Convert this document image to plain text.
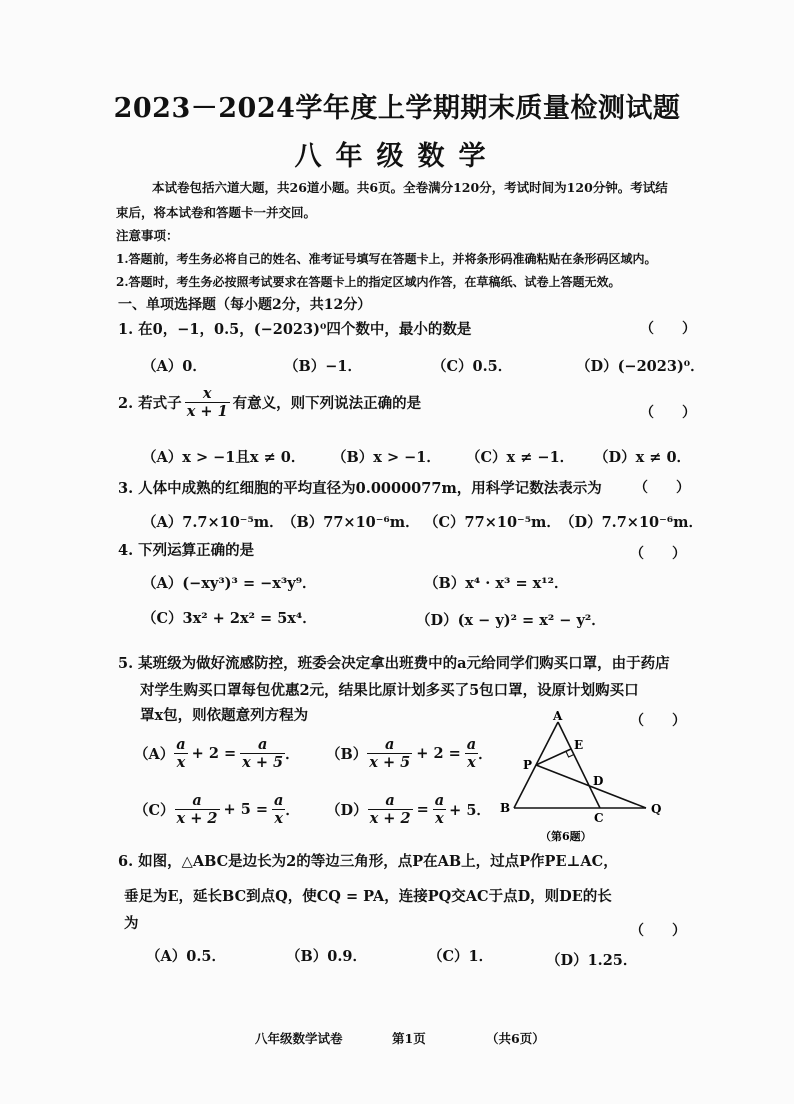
2023－2024学年度上学期期末质量检测试题
八年级数学
本试卷包括六道大题，共26道小题。共6页。全卷满分120分，考试时间为120分钟。考试结
束后，将本试卷和答题卡一并交回。
注意事项：
1.答题前，考生务必将自己的姓名、准考证号填写在答题卡上，并将条形码准确粘贴在条形码区域内。
2.答题时，考生务必按照考试要求在答题卡上的指定区域内作答，在草稿纸、试卷上答题无效。
一、单项选择题（每小题2分，共12分）
1. 在0，−1，0.5，(−2023)⁰四个数中，最小的数是	（　　）
（A）0．	（B）−1．	（C）0.5．	（D）(−2023)⁰．
2. 若式子 $\frac{x}{x + 1}$ 有意义，则下列说法正确的是
（　　）
（A）x > −1且x ≠ 0． （B）x > −1． （C）x ≠ −1． （D）x ≠ 0．
3. 人体中成熟的红细胞的平均直径为0.0000077m，用科学记数法表示为 （　　）
（A）7.7×10⁻⁵m．
（B）77×10⁻⁶m． （C）77×10⁻⁵m． （D）7.7×10⁻⁶m．
4. 下列运算正确的是	（　　）
（A）(−xy³)³ = −x³y⁹．	（B）x⁴ · x³ = x¹²．
（C）3x² + 2x² = 5x⁴．	（D）(x − y)² = x² − y²．
5. 某班级为做好流感防控，班委会决定拿出班费中的a元给同学们购买口罩，由于药店
对学生购买口罩每包优惠2元，结果比原计划多买了5包口罩，设原计划购买口
罩x包，则依题意列方程为	（　　）
$(A) \frac{a}{x} + 2 = \frac{a}{x + 5}$ ． $(B) \frac{a}{x + 5} + 2 = \frac{a}{x}$ ．
$(C) \frac{a}{x + 2} + 5 = \frac{a}{x}$ ． $(D) \frac{a}{x + 2} = \frac{a}{x} + 5$．
A
B
C
P
E
D
Q
（第6题）
6. 如图，△ABC是边长为2的等边三角形，点P在AB上，过点P作PE⊥AC，
垂足为E，延长BC到点Q，使CQ = PA，连接PQ交AC于点D，则DE的长
为	（　　）
（A）0.5．	（B）0.9．	（C）1．	（D）1.25．
八年级数学试卷	第1页	（共6页）
